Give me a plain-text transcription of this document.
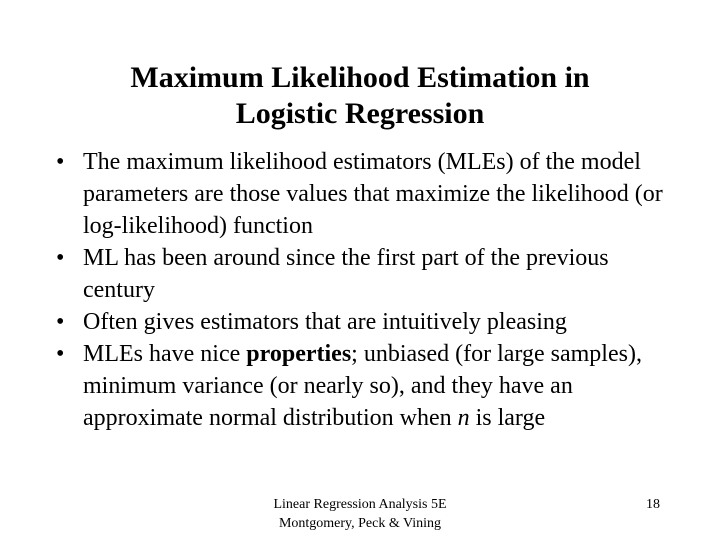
Maximum Likelihood Estimation in
Logistic Regression
• The maximum likelihood estimators (MLEs) of the model parameters are those values that maximize the likelihood (or log-likelihood) function
• ML has been around since the first part of the previous century
• Often gives estimators that are intuitively pleasing
• MLEs have nice properties; unbiased (for large samples), minimum variance (or nearly so), and they have an approximate normal distribution when n is large
Linear Regression Analysis 5E
Montgomery, Peck & Vining
18
